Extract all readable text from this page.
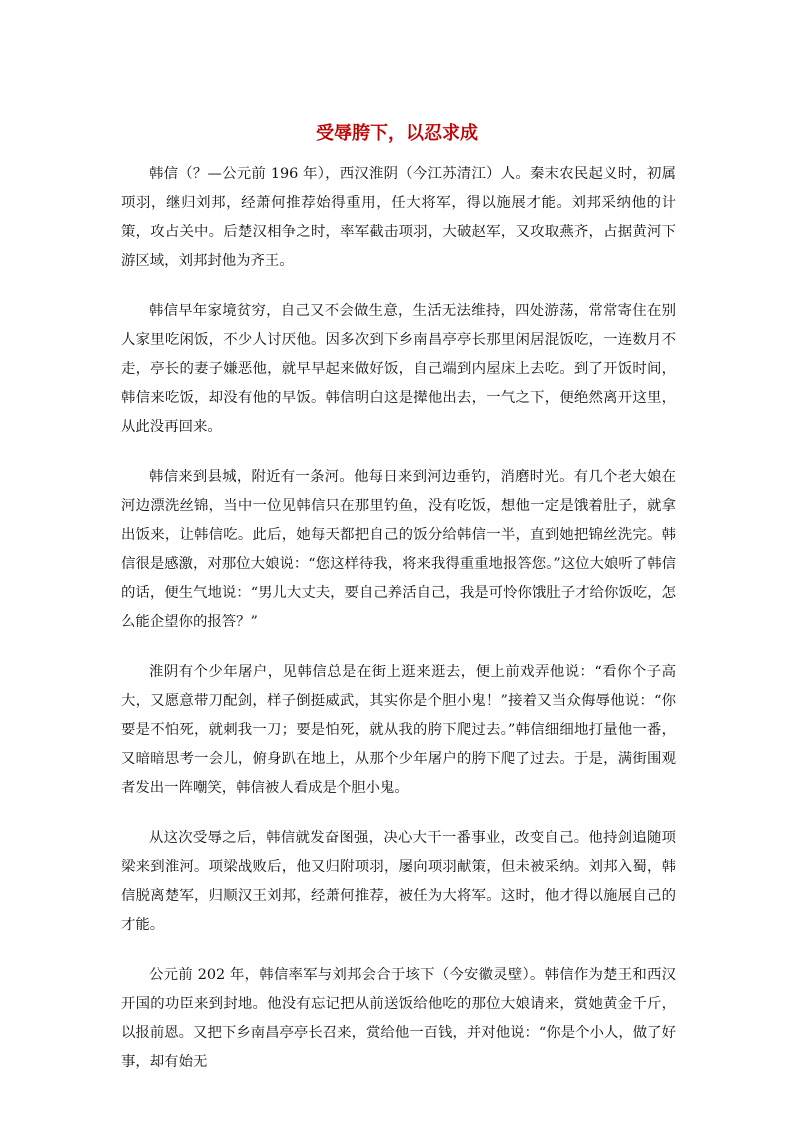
受辱胯下，以忍求成

韩信（？—公元前 196 年），西汉淮阴（今江苏清江）人。秦末农民起义时，初属项羽，继归刘邦，经萧何推荐始得重用，任大将军，得以施展才能。刘邦采纳他的计策，攻占关中。后楚汉相争之时，率军截击项羽，大破赵军，又攻取燕齐，占据黄河下游区域，刘邦封他为齐王。

韩信早年家境贫穷，自己又不会做生意，生活无法维持，四处游荡，常常寄住在别人家里吃闲饭，不少人讨厌他。因多次到下乡南昌亭亭长那里闲居混饭吃，一连数月不走，亭长的妻子嫌恶他，就早早起来做好饭，自己端到内屋床上去吃。到了开饭时间，韩信来吃饭，却没有他的早饭。韩信明白这是撵他出去，一气之下，便绝然离开这里，从此没再回来。

韩信来到县城，附近有一条河。他每日来到河边垂钓，消磨时光。有几个老大娘在河边漂洗丝锦，当中一位见韩信只在那里钓鱼，没有吃饭，想他一定是饿着肚子，就拿出饭来，让韩信吃。此后，她每天都把自己的饭分给韩信一半，直到她把锦丝洗完。韩信很是感激，对那位大娘说：“您这样待我，将来我得重重地报答您。”这位大娘听了韩信的话，便生气地说：“男儿大丈夫，要自己养活自己，我是可怜你饿肚子才给你饭吃，怎么能企望你的报答？”

淮阴有个少年屠户，见韩信总是在街上逛来逛去，便上前戏弄他说：“看你个子高大，又愿意带刀配剑，样子倒挺威武，其实你是个胆小鬼！”接着又当众侮辱他说：“你要是不怕死，就刺我一刀；要是怕死，就从我的胯下爬过去。”韩信细细地打量他一番，又暗暗思考一会儿，俯身趴在地上，从那个少年屠户的胯下爬了过去。于是，满街围观者发出一阵嘲笑，韩信被人看成是个胆小鬼。

从这次受辱之后，韩信就发奋图强，决心大干一番事业，改变自己。他持剑追随项梁来到淮河。项梁战败后，他又归附项羽，屡向项羽献策，但未被采纳。刘邦入蜀，韩信脱离楚军，归顺汉王刘邦，经萧何推荐，被任为大将军。这时，他才得以施展自己的才能。

公元前 202 年，韩信率军与刘邦会合于垓下（今安徽灵壁）。韩信作为楚王和西汉开国的功臣来到封地。他没有忘记把从前送饭给他吃的那位大娘请来，赏她黄金千斤，以报前恩。又把下乡南昌亭亭长召来，赏给他一百钱，并对他说：“你是个小人，做了好事，却有始无
